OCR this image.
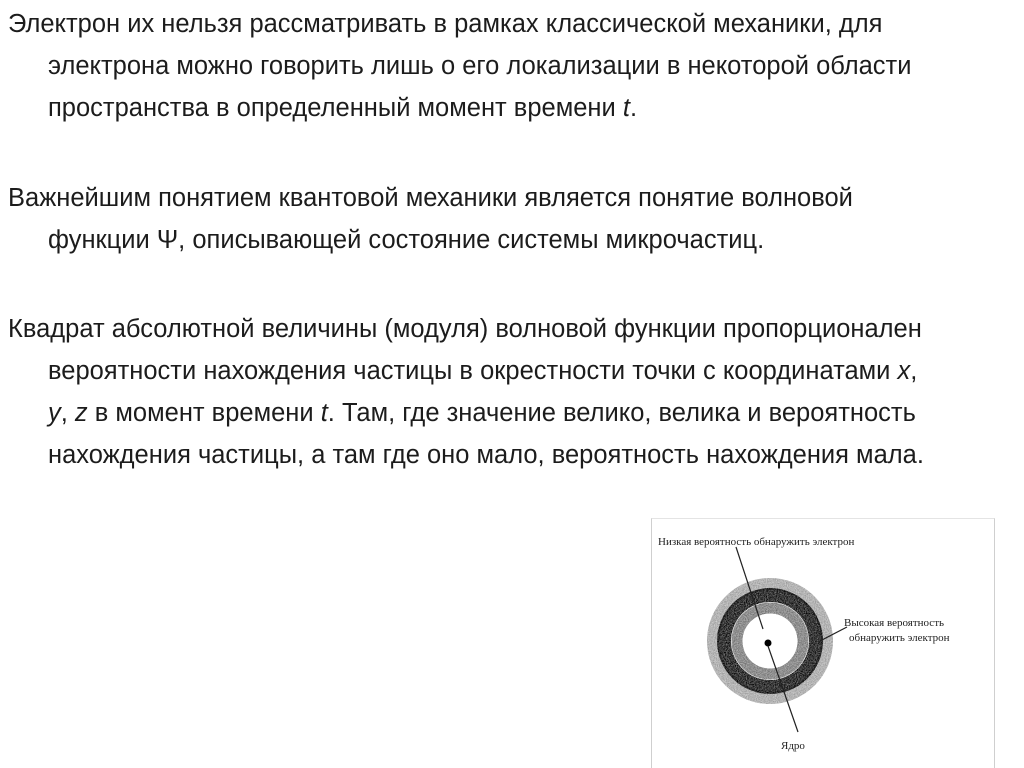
Электрон их нельзя рассматривать в рамках классической механики, для электрона можно говорить лишь о его локализации в некоторой области пространства в определенный момент времени t.
Важнейшим понятием квантовой механики является понятие волновой функции Ψ, описывающей состояние системы микрочастиц.
Квадрат абсолютной величины (модуля) волновой функции пропорционален вероятности нахождения частицы в окрестности точки с координатами x, y, z в момент времени t. Там, где значение велико, велика и вероятность нахождения частицы, а там где оно мало, вероятность нахождения мала.
Низкая вероятность обнаружить электрон
Высокая вероятность
обнаружить электрон
Ядро
